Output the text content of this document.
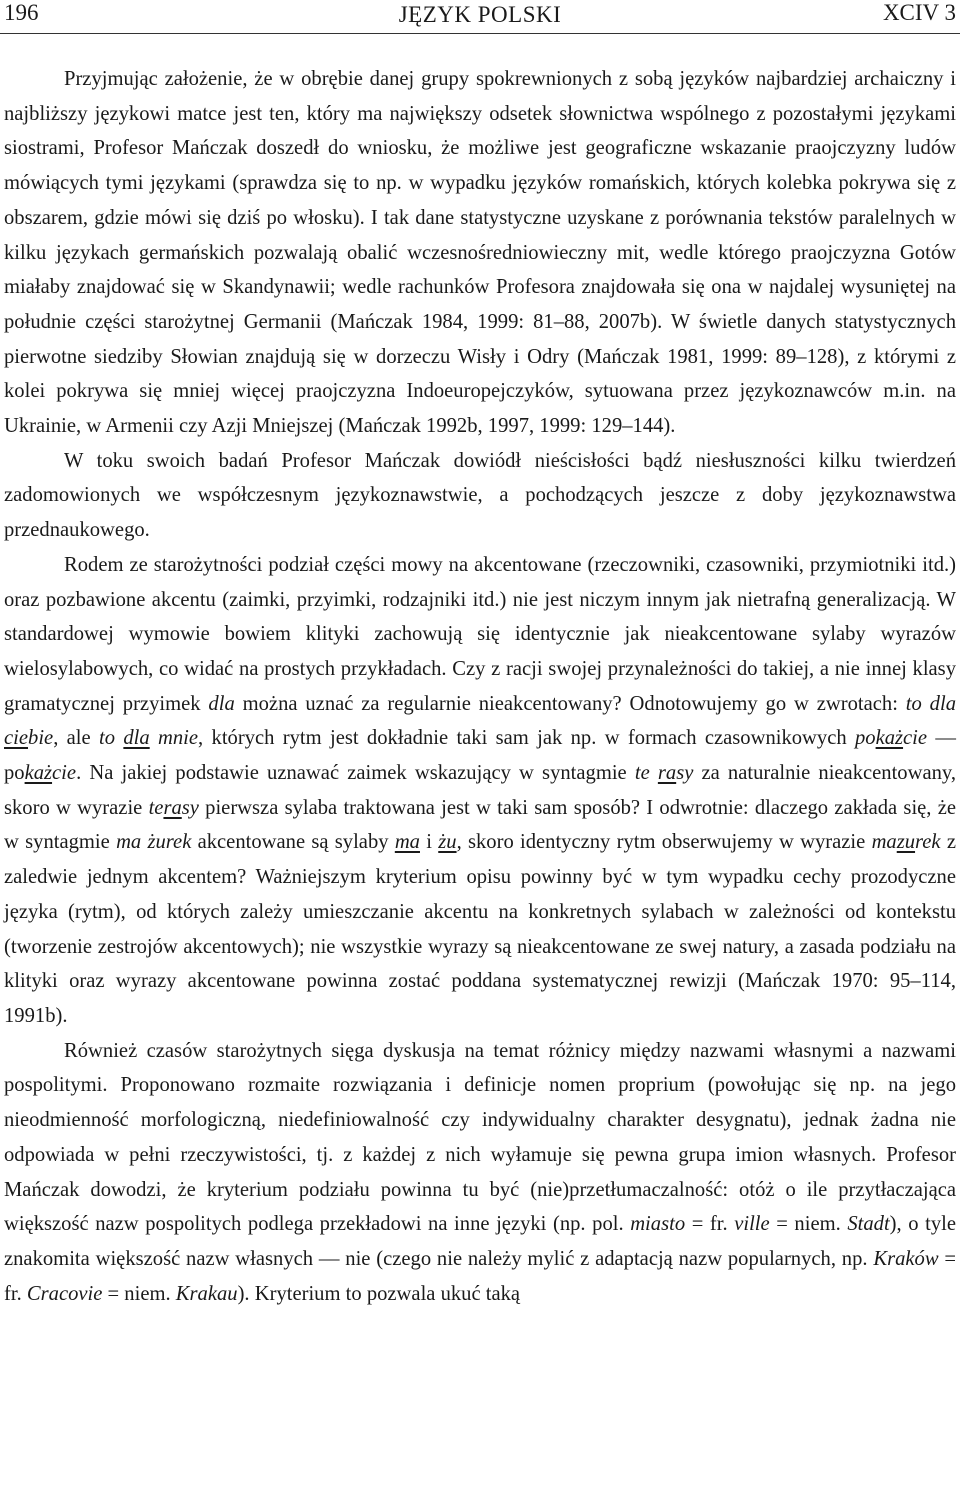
196	JĘZYK POLSKI	XCIV 3

Przyjmując założenie, że w obrębie danej grupy spokrewnionych z sobą języków najbardziej archaiczny i najbliższy językowi matce jest ten, który ma największy odsetek słownictwa wspólnego z pozostałymi językami siostrami, Profesor Mańczak doszedł do wniosku, że możliwe jest geograficzne wskazanie praojczyzny ludów mówiących tymi językami (sprawdza się to np. w wypadku języków romańskich, których kolebka pokrywa się z obszarem, gdzie mówi się dziś po włosku). I tak dane statystyczne uzyskane z porównania tekstów paralelnych w kilku językach germańskich pozwalają obalić wczesnośredniowieczny mit, wedle którego praojczyzna Gotów miałaby znajdować się w Skandynawii; wedle rachunków Profesora znajdowała się ona w najdalej wysuniętej na południe części starożytnej Germanii (Mańczak 1984, 1999: 81–88, 2007b). W świetle danych statystycznych pierwotne siedziby Słowian znajdują się w dorzeczu Wisły i Odry (Mańczak 1981, 1999: 89–128), z którymi z kolei pokrywa się mniej więcej praojczyzna Indoeuropejczyków, sytuowana przez językoznawców m.in. na Ukrainie, w Armenii czy Azji Mniejszej (Mańczak 1992b, 1997, 1999: 129–144).

W toku swoich badań Profesor Mańczak dowiódł nieścisłości bądź niesłuszności kilku twierdzeń zadomowionych we współczesnym językoznawstwie, a pochodzących jeszcze z doby językoznawstwa przednaukowego.

Rodem ze starożytności podział części mowy na akcentowane (rzeczowniki, czasowniki, przymiotniki itd.) oraz pozbawione akcentu (zaimki, przyimki, rodzajniki itd.) nie jest niczym innym jak nietrafną generalizacją. W standardowej wymowie bowiem klityki zachowują się identycznie jak nieakcentowane sylaby wyrazów wielosylabowych, co widać na prostych przykładach. Czy z racji swojej przynależności do takiej, a nie innej klasy gramatycznej przyimek dla można uznać za regularnie nieakcentowany? Odnotowujemy go w zwrotach: to dla ciebie, ale to dla mnie, których rytm jest dokładnie taki sam jak np. w formach czasownikowych pokażcie — pokażcie. Na jakiej podstawie uznawać zaimek wskazujący w syntagmie te rasy za naturalnie nieakcentowany, skoro w wyrazie terasy pierwsza sylaba traktowana jest w taki sam sposób? I odwrotnie: dlaczego zakłada się, że w syntagmie ma żurek akcentowane są sylaby ma i żu, skoro identyczny rytm obserwujemy w wyrazie mazurek z zaledwie jednym akcentem? Ważniejszym kryterium opisu powinny być w tym wypadku cechy prozodyczne języka (rytm), od których zależy umieszczanie akcentu na konkretnych sylabach w zależności od kontekstu (tworzenie zestrojów akcentowych); nie wszystkie wyrazy są nieakcentowane ze swej natury, a zasada podziału na klityki oraz wyrazy akcentowane powinna zostać poddana systematycznej rewizji (Mańczak 1970: 95–114, 1991b).

Również czasów starożytnych sięga dyskusja na temat różnicy między nazwami własnymi a nazwami pospolitymi. Proponowano rozmaite rozwiązania i definicje nomen proprium (powołując się np. na jego nieodmienność morfologiczną, niedefiniowalność czy indywidualny charakter desygnatu), jednak żadna nie odpowiada w pełni rzeczywistości, tj. z każdej z nich wyłamuje się pewna grupa imion własnych. Profesor Mańczak dowodzi, że kryterium podziału powinna tu być (nie)przetłumaczalność: otóż o ile przytłaczająca większość nazw pospolitych podlega przekładowi na inne języki (np. pol. miasto = fr. ville = niem. Stadt), o tyle znakomita większość nazw własnych — nie (czego nie należy mylić z adaptacją nazw popularnych, np. Kraków = fr. Cracovie = niem. Krakau). Kryterium to pozwala ukuć taką
